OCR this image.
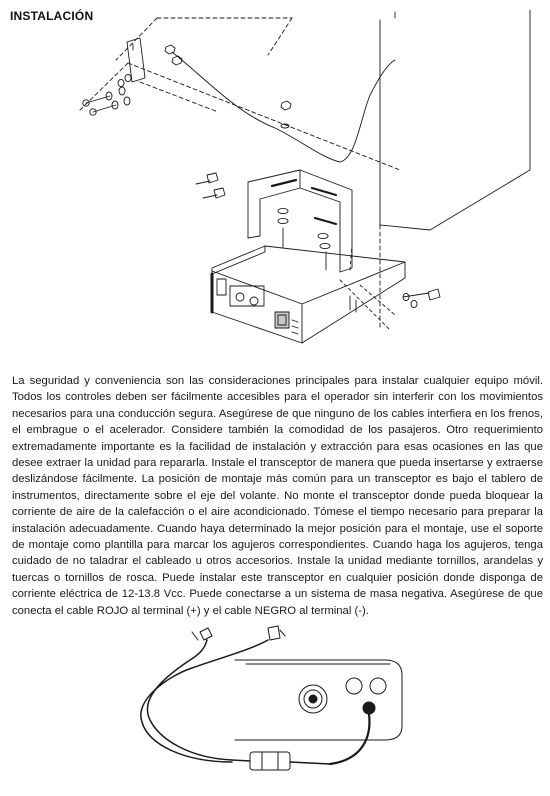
INSTALACIÓN

La seguridad y conveniencia son las consideraciones principales para instalar cualquier equipo móvil. Todos los controles deben ser fácilmente accesibles para el operador sin interferir con los movimientos necesarios para una conducción segura. Asegúrese de que ninguno de los cables interfiera en los frenos, el embrague o el acelerador. Considere también la comodidad de los pasajeros. Otro requerimiento extremadamente importante es la facilidad de instalación y extracción para esas ocasiones en las que desee extraer la unidad para repararla. Instale el transceptor de manera que pueda insertarse y extraerse deslizándose fácilmente. La posición de montaje más común para un transceptor es bajo el tablero de instrumentos, directamente sobre el eje del volante. No monte el transceptor donde pueda bloquear la corriente de aire de la calefacción o el aire acondicionado. Tómese el tiempo necesario para preparar la instalación adecuadamente. Cuando haya determinado la mejor posición para el montaje, use el soporte de montaje como plantilla para marcar los agujeros correspondientes. Cuando haga los agujeros, tenga cuidado de no taladrar el cableado u otros accesorios. Instale la unidad mediante tornillos, arandelas y tuercas o tornillos de rosca. Puede instalar este transceptor en cualquier posición donde disponga de corriente eléctrica de 12-13.8 Vcc. Puede conectarse a un sistema de masa negativa. Asegúrese de que conecta el cable ROJO al terminal (+) y el cable NEGRO al terminal (-).
